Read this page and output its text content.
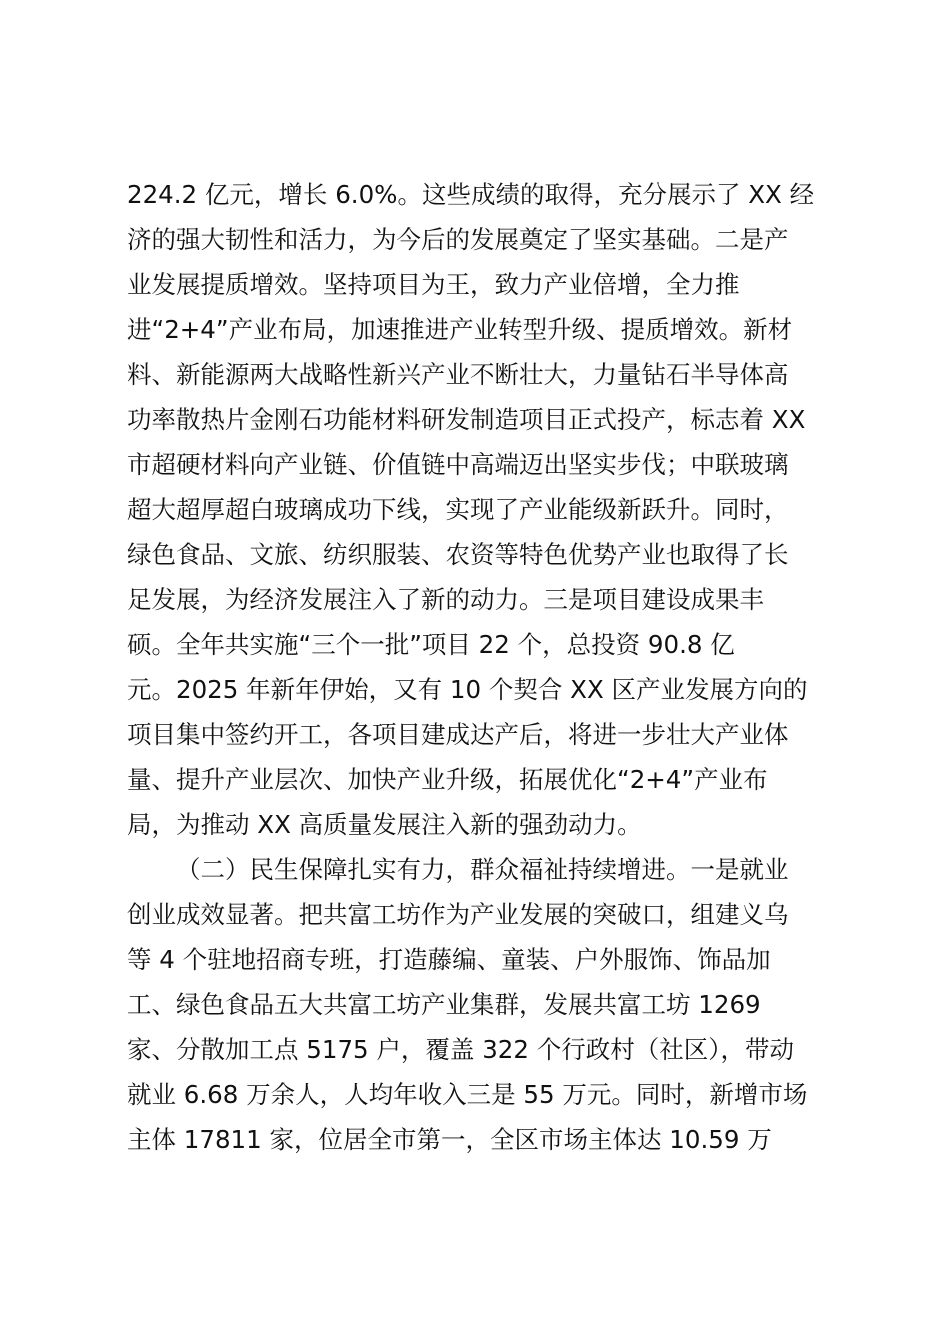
224.2 亿元，增长 6.0%。这些成绩的取得，充分展示了 XX 经
济的强大韧性和活力，为今后的发展奠定了坚实基础。二是产
业发展提质增效。坚持项目为王，致力产业倍增，全力推
进“2+4”产业布局，加速推进产业转型升级、提质增效。新材
料、新能源两大战略性新兴产业不断壮大，力量钻石半导体高
功率散热片金刚石功能材料研发制造项目正式投产，标志着 XX
市超硬材料向产业链、价值链中高端迈出坚实步伐；中联玻璃
超大超厚超白玻璃成功下线，实现了产业能级新跃升。同时，
绿色食品、文旅、纺织服装、农资等特色优势产业也取得了长
足发展，为经济发展注入了新的动力。三是项目建设成果丰
硕。全年共实施“三个一批”项目 22 个，总投资 90.8 亿
元。2025 年新年伊始，又有 10 个契合 XX 区产业发展方向的
项目集中签约开工，各项目建成达产后，将进一步壮大产业体
量、提升产业层次、加快产业升级，拓展优化“2+4”产业布
局，为推动 XX 高质量发展注入新的强劲动力。
（二）民生保障扎实有力，群众福祉持续增进。一是就业
创业成效显著。把共富工坊作为产业发展的突破口，组建义乌
等 4 个驻地招商专班，打造藤编、童装、户外服饰、饰品加
工、绿色食品五大共富工坊产业集群，发展共富工坊 1269
家、分散加工点 5175 户，覆盖 322 个行政村（社区），带动
就业 6.68 万余人，人均年收入三是 55 万元。同时，新增市场
主体 17811 家，位居全市第一，全区市场主体达 10.59 万
